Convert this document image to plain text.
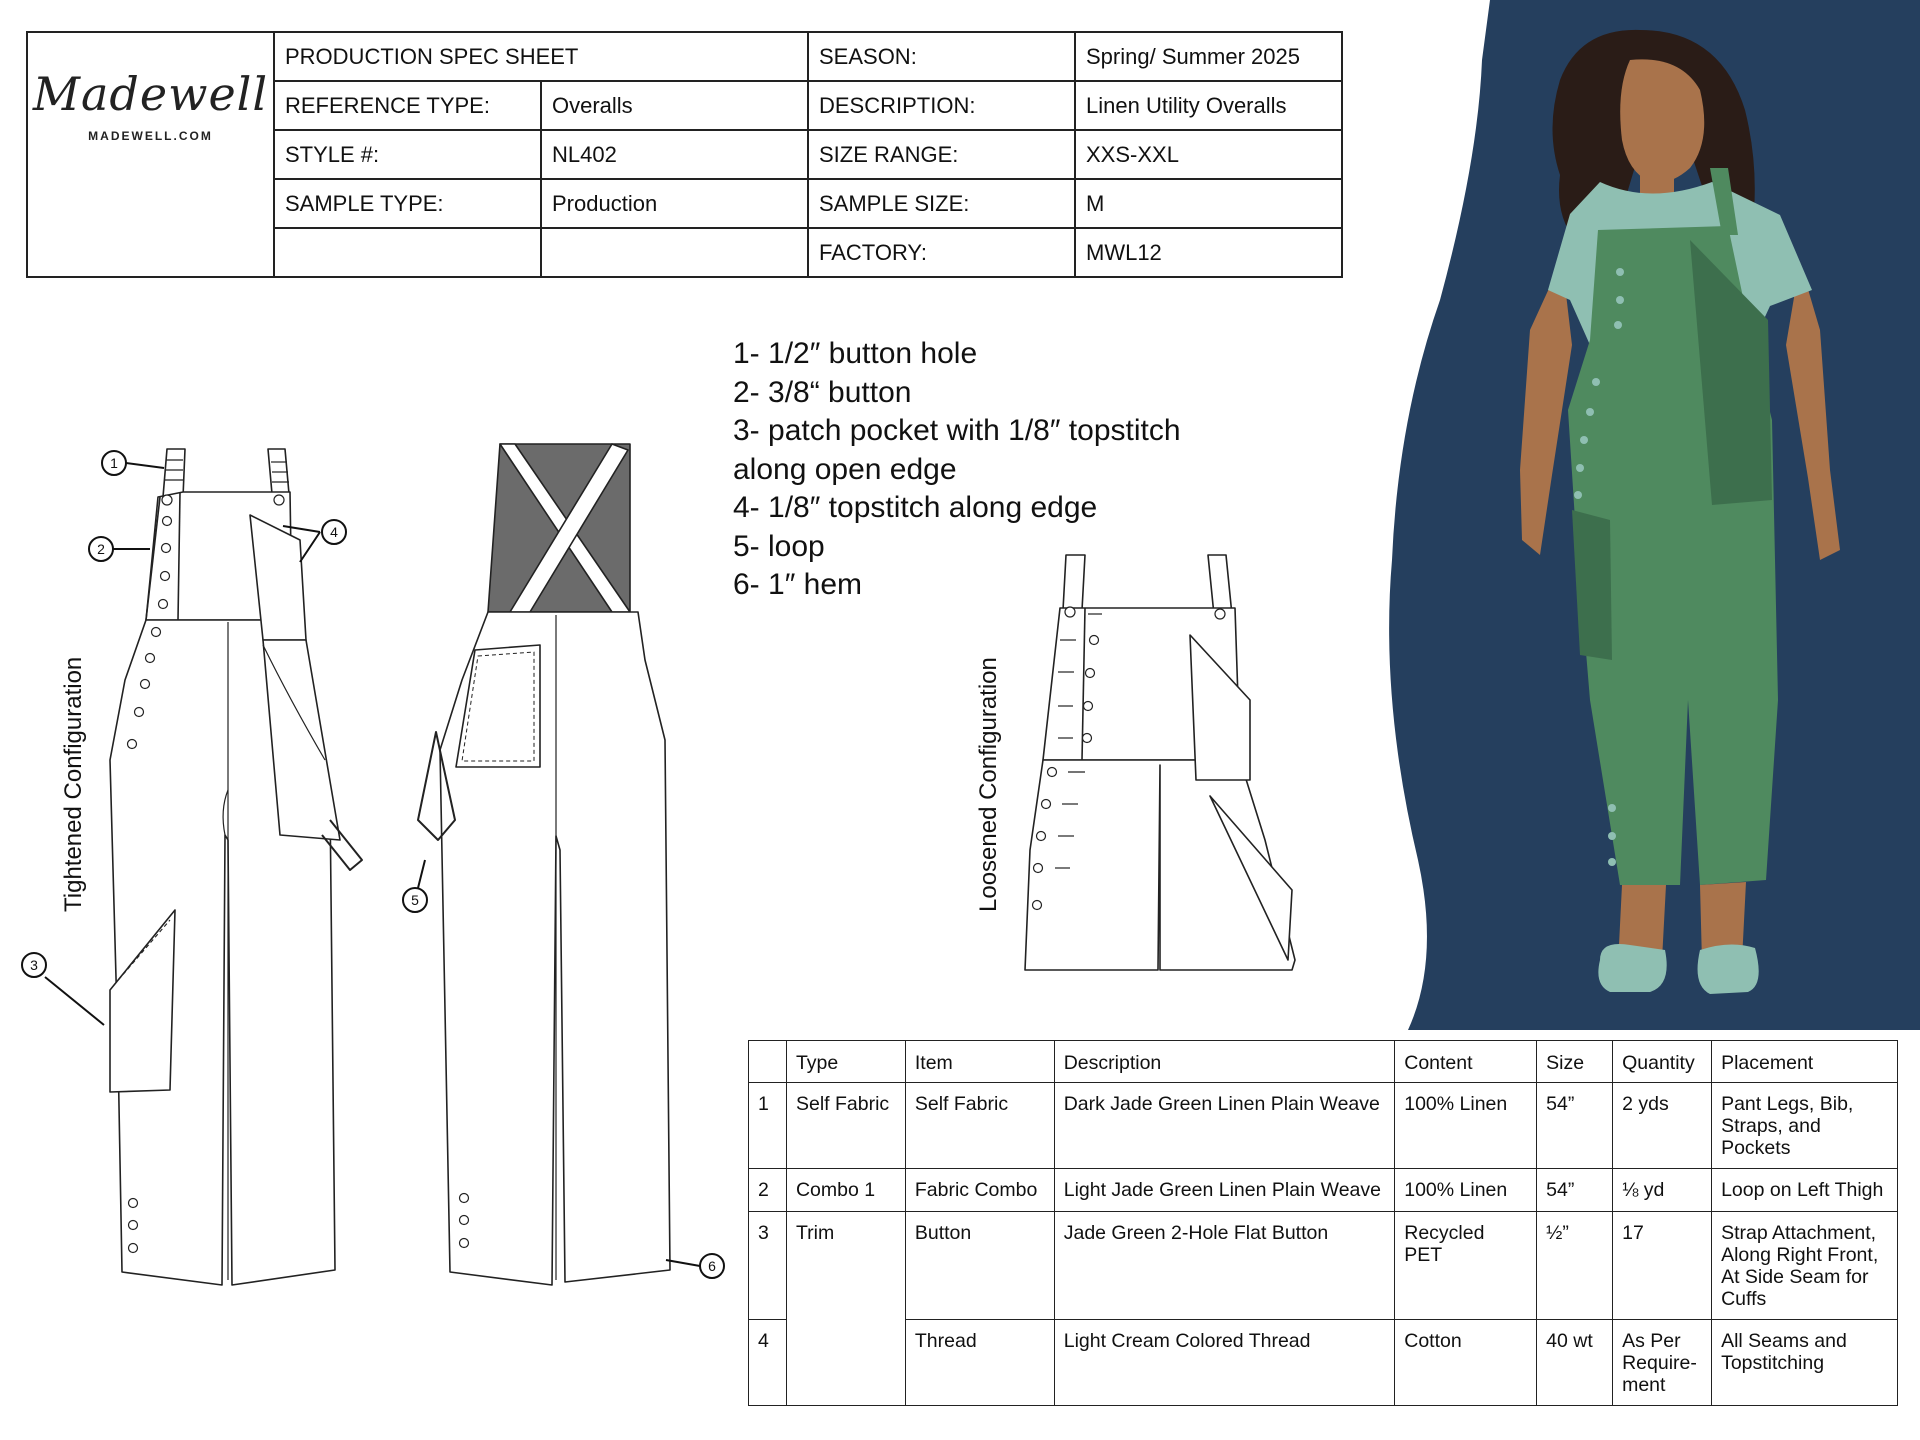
Madewell
MADEWELL.COM	PRODUCTION SPEC SHEET		SEASON:	Spring/ Summer 2025
	REFERENCE TYPE:	Overalls	DESCRIPTION:	Linen Utility Overalls
	STYLE #:	NL402	SIZE RANGE:	XXS-XXL
	SAMPLE TYPE:	Production	SAMPLE SIZE:	M
			FACTORY:	MWL12
1- 1/2″ button hole
2- 3/8“ button
3- patch pocket with 1/8″ topstitch
along open edge
4- 1/8″ topstitch along edge
5- loop
6- 1″ hem
Tightened Configuration	Loosened Configuration
1
2
4
3
5
6
	Type	Item	Description	Content	Size	Quantity	Placement
1	Self Fabric	Self Fabric	Dark Jade Green Linen Plain Weave	100% Linen	54”	2 yds	Pant Legs, Bib, Straps, and Pockets
2	Combo 1	Fabric Combo	Light Jade Green Linen Plain Weave	100% Linen	54”	⅛ yd	Loop on Left Thigh
3	Trim	Button	Jade Green 2-Hole Flat Button	Recycled PET	½”	17	Strap Attachment, Along Right Front, At Side Seam for Cuffs
4		Thread	Light Cream Colored Thread	Cotton	40 wt	As Per Require-ment	All Seams and Topstitching
